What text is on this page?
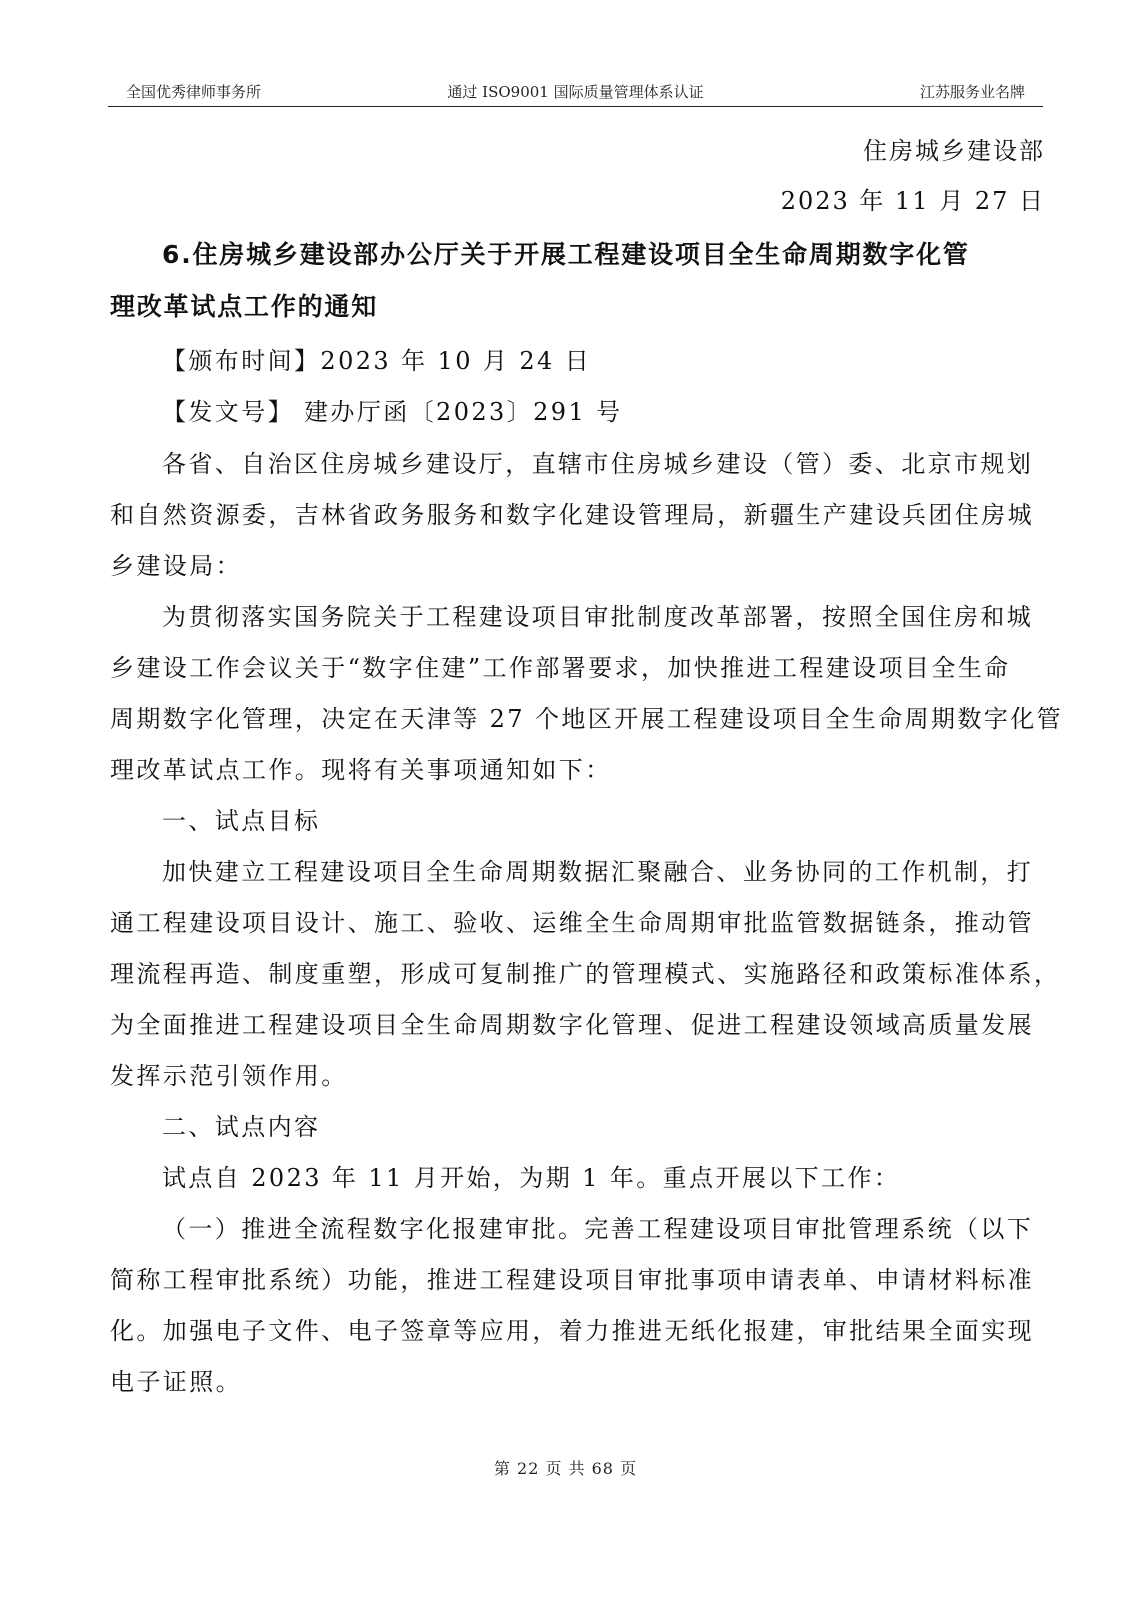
全国优秀律师事务所	通过 ISO9001 国际质量管理体系认证	江苏服务业名牌
住房城乡建设部
2023 年 11 月 27 日
6.住房城乡建设部办公厅关于开展工程建设项目全生命周期数字化管
理改革试点工作的通知
【颁布时间】2023 年 10 月 24 日
【发文号】 建办厅函〔2023〕291 号
各省、自治区住房城乡建设厅，直辖市住房城乡建设（管）委、北京市规划
和自然资源委，吉林省政务服务和数字化建设管理局，新疆生产建设兵团住房城
乡建设局：
为贯彻落实国务院关于工程建设项目审批制度改革部署，按照全国住房和城
乡建设工作会议关于“数字住建”工作部署要求，加快推进工程建设项目全生命
周期数字化管理，决定在天津等 27 个地区开展工程建设项目全生命周期数字化管
理改革试点工作。现将有关事项通知如下：
一、试点目标
加快建立工程建设项目全生命周期数据汇聚融合、业务协同的工作机制，打
通工程建设项目设计、施工、验收、运维全生命周期审批监管数据链条，推动管
理流程再造、制度重塑，形成可复制推广的管理模式、实施路径和政策标准体系，
为全面推进工程建设项目全生命周期数字化管理、促进工程建设领域高质量发展
发挥示范引领作用。
二、试点内容
试点自 2023 年 11 月开始，为期 1 年。重点开展以下工作：
（一）推进全流程数字化报建审批。完善工程建设项目审批管理系统（以下
简称工程审批系统）功能，推进工程建设项目审批事项申请表单、申请材料标准
化。加强电子文件、电子签章等应用，着力推进无纸化报建，审批结果全面实现
电子证照。
第 22 页 共 68 页
